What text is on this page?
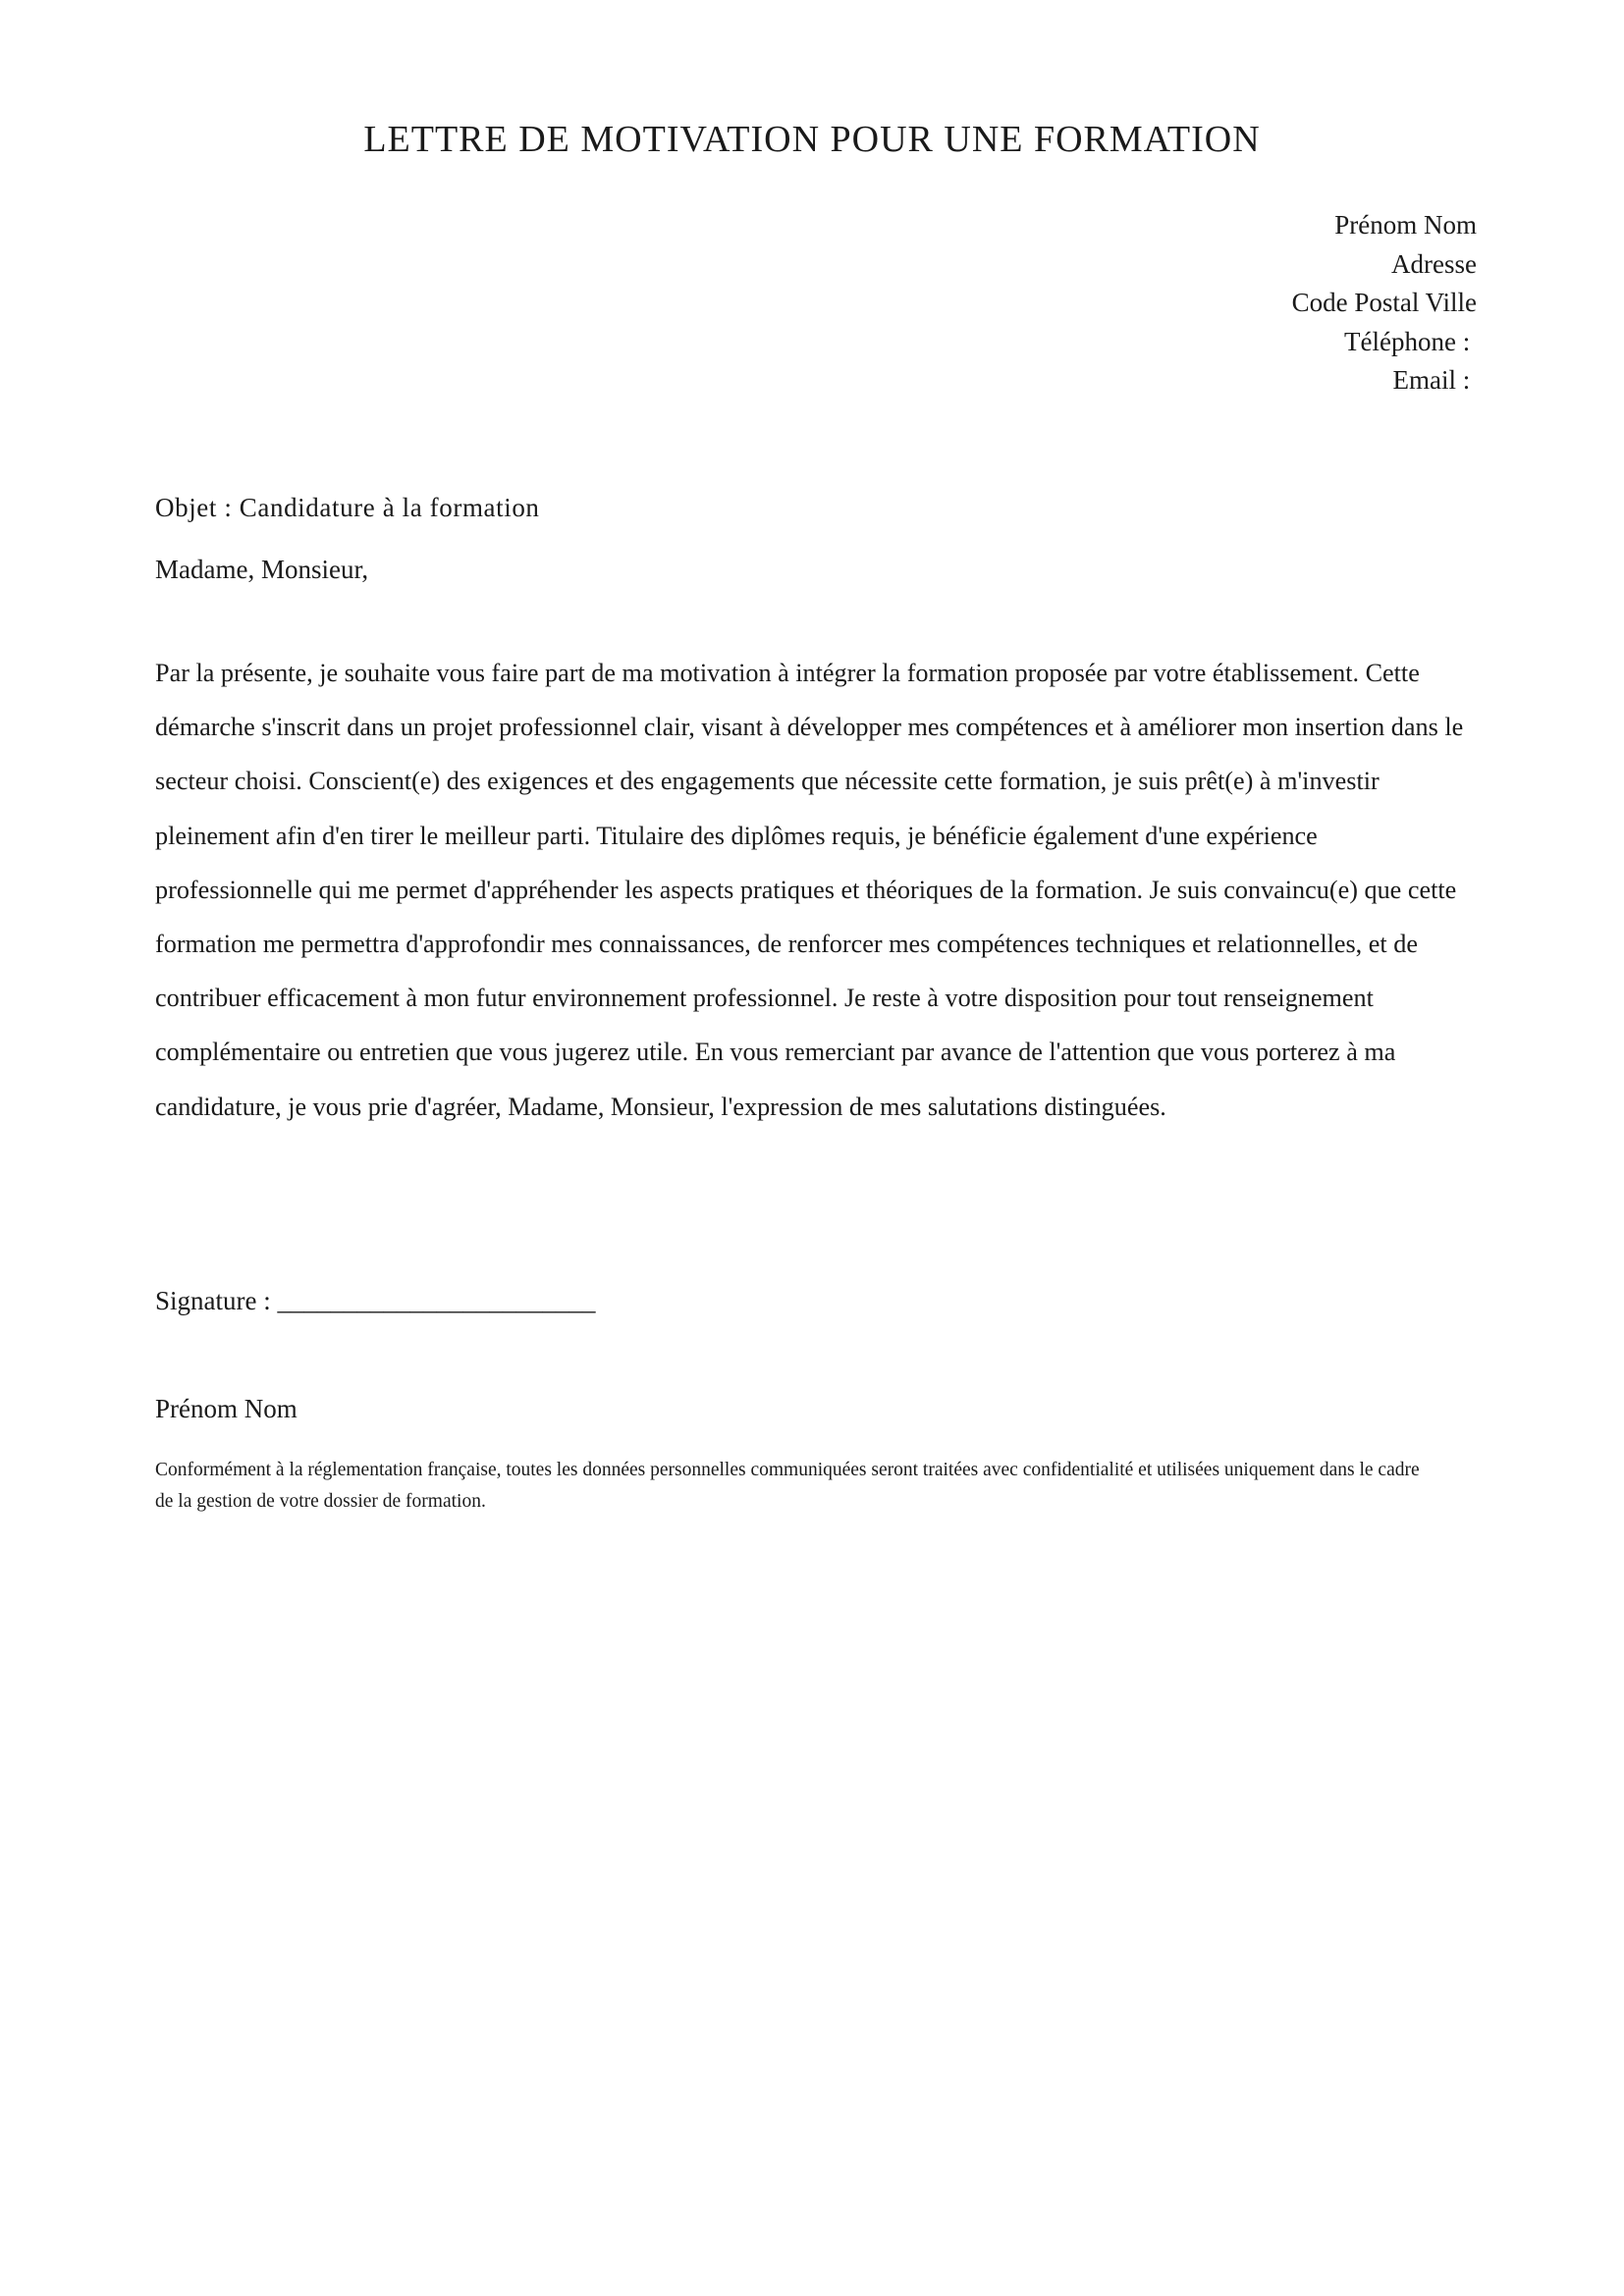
LETTRE DE MOTIVATION POUR UNE FORMATION
Prénom Nom
Adresse
Code Postal Ville
Téléphone :
Email :
Objet : Candidature à la formation
Madame, Monsieur,

Par la présente, je souhaite vous faire part de ma motivation à intégrer la formation proposée par votre établissement. Cette démarche s'inscrit dans un projet professionnel clair, visant à développer mes compétences et à améliorer mon insertion dans le secteur choisi. Conscient(e) des exigences et des engagements que nécessite cette formation, je suis prêt(e) à m'investir pleinement afin d'en tirer le meilleur parti. Titulaire des diplômes requis, je bénéficie également d'une expérience professionnelle qui me permet d'appréhender les aspects pratiques et théoriques de la formation. Je suis convaincu(e) que cette formation me permettra d'approfondir mes connaissances, de renforcer mes compétences techniques et relationnelles, et de contribuer efficacement à mon futur environnement professionnel. Je reste à votre disposition pour tout renseignement complémentaire ou entretien que vous jugerez utile. En vous remerciant par avance de l'attention que vous porterez à ma candidature, je vous prie d'agréer, Madame, Monsieur, l'expression de mes salutations distinguées.

Signature : ________________________
Prénom Nom

Conformément à la réglementation française, toutes les données personnelles communiquées seront traitées avec confidentialité et utilisées uniquement dans le cadre de la gestion de votre dossier de formation.
